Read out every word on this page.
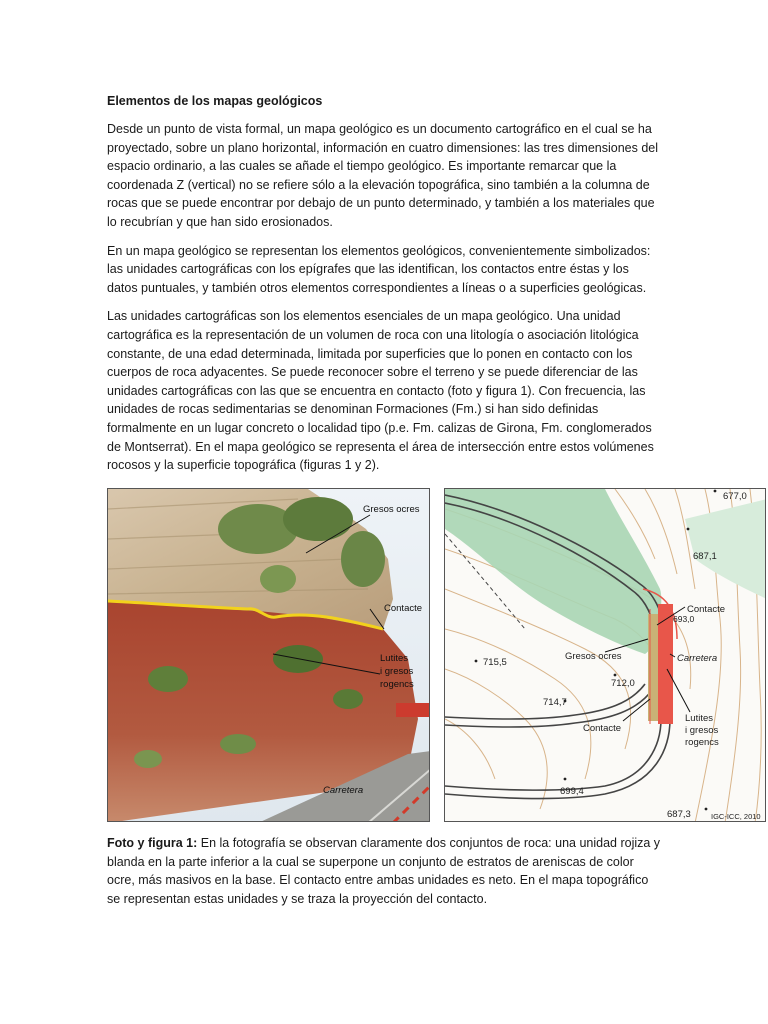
Elementos de los mapas geológicos

Desde un punto de vista formal, un mapa geológico es un documento cartográfico en el cual se ha proyectado, sobre un plano horizontal, información en cuatro dimensiones: las tres dimensiones del espacio ordinario, a las cuales se añade el tiempo geológico. Es importante remarcar que la coordenada Z (vertical) no se refiere sólo a la elevación topográfica, sino también a la columna de rocas que se puede encontrar por debajo de un punto determinado, y también a los materiales que lo recubrían y que han sido erosionados.

En un mapa geológico se representan los elementos geológicos, convenientemente simbolizados: las unidades cartográficas con los epígrafes que las identifican, los contactos entre éstas y los datos puntuales, y también otros elementos correspondientes a líneas o a superficies geológicas.

Las unidades cartográficas son los elementos esenciales de un mapa geológico. Una unidad cartográfica es la representación de un volumen de roca con una litología o asociación litológica constante, de una edad determinada, limitada por superficies que lo ponen en contacto con los cuerpos de roca adyacentes. Se puede reconocer sobre el terreno y se puede diferenciar de las unidades cartográficas con las que se encuentra en contacto (foto y figura 1). Con frecuencia, las unidades de rocas sedimentarias se denominan Formaciones (Fm.) si han sido definidas formalmente en un lugar concreto o localidad tipo (p.e. Fm. calizas de Girona, Fm. conglomerados de Montserrat). En el mapa geológico se representa el área de intersección entre estos volúmenes rocosos y la superficie topográfica (figuras 1 y 2).

Gresos ocres
Contacte
Lutites
i gresos
rogencs
Carretera
677,0
687,1
693,0
Contacte
Gresos ocres	Carretera
715,5
712,0
714,7
Contacte
Lutites
i gresos
rogencs
699,4
687,3	IGC-ICC, 2010
Foto y figura 1: En la fotografía se observan claramente dos conjuntos de roca: una unidad rojiza y blanda en la parte inferior a la cual se superpone un conjunto de estratos de areniscas de color ocre, más masivos en la base. El contacto entre ambas unidades es neto. En el mapa topográfico se representan estas unidades y se traza la proyección del contacto.
